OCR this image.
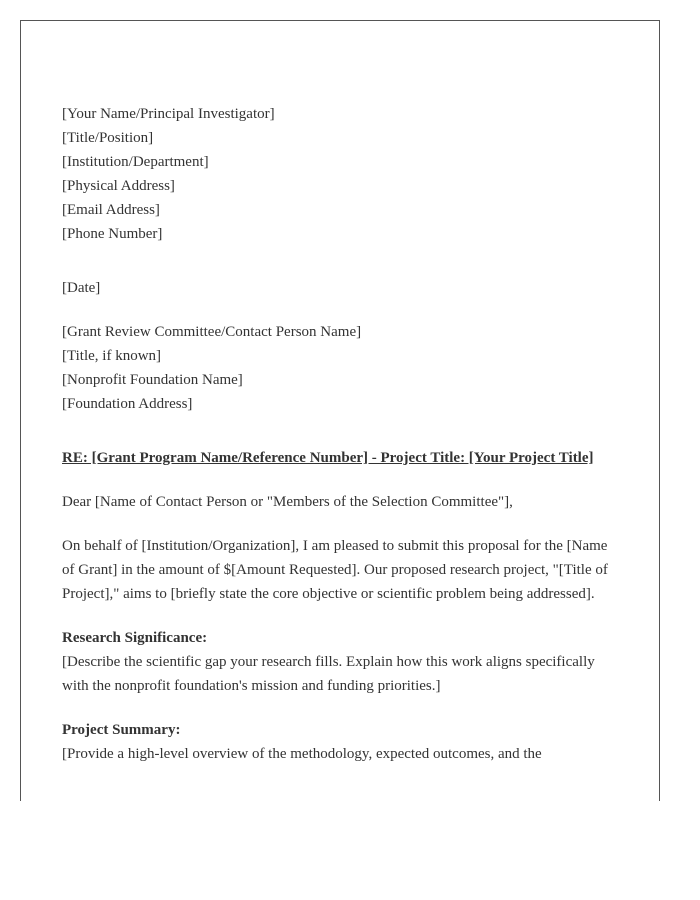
[Your Name/Principal Investigator]
[Title/Position]
[Institution/Department]
[Physical Address]
[Email Address]
[Phone Number]
[Date]
[Grant Review Committee/Contact Person Name]
[Title, if known]
[Nonprofit Foundation Name]
[Foundation Address]

RE: [Grant Program Name/Reference Number] - Project Title: [Your Project Title]

Dear [Name of Contact Person or "Members of the Selection Committee"],

On behalf of [Institution/Organization], I am pleased to submit this proposal for the [Name of Grant] in the amount of $[Amount Requested]. Our proposed research project, "[Title of Project]," aims to [briefly state the core objective or scientific problem being addressed].

Research Significance:

[Describe the scientific gap your research fills. Explain how this work aligns specifically with the nonprofit foundation's mission and funding priorities.]

Project Summary:

[Provide a high-level overview of the methodology, expected outcomes, and the
